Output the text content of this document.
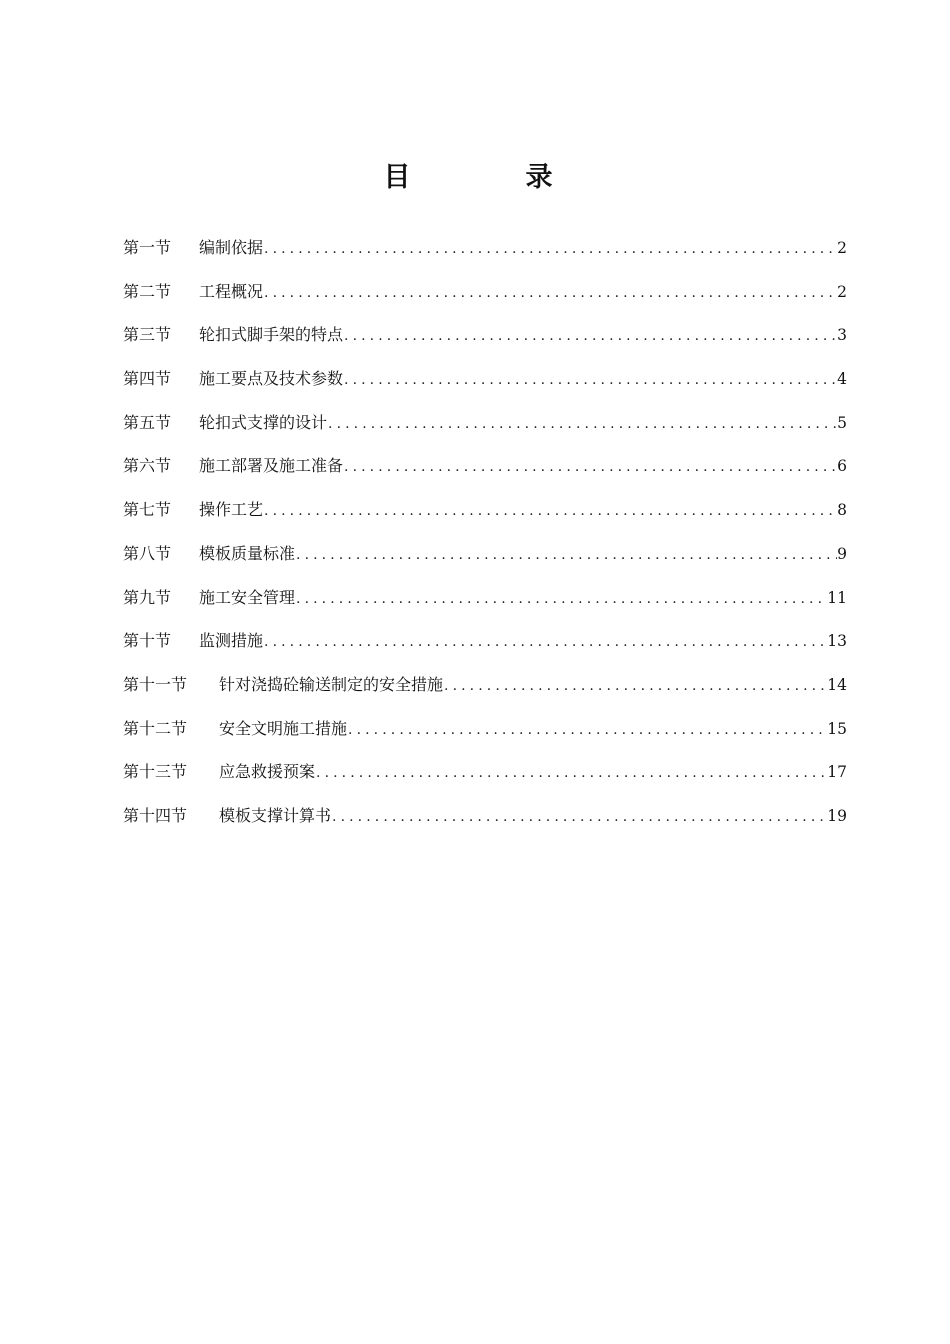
目　录
第一节	编制依据 .....	2
第二节	工程概况 .....	2
第三节	轮扣式脚手架的特点 .....	3
第四节	施工要点及技术参数 .....	4
第五节	轮扣式支撑的设计 .....	5
第六节	施工部署及施工准备 .....	6
第七节	操作工艺 .....	8
第八节	模板质量标准 .....	9
第九节	施工安全管理 .....	11
第十节	监测措施 .....	13
第十一节	针对浇捣砼输送制定的安全措施 .....	14
第十二节	安全文明施工措施 .....	15
第十三节	应急救援预案 .....	17
第十四节	模板支撑计算书 .....	19
